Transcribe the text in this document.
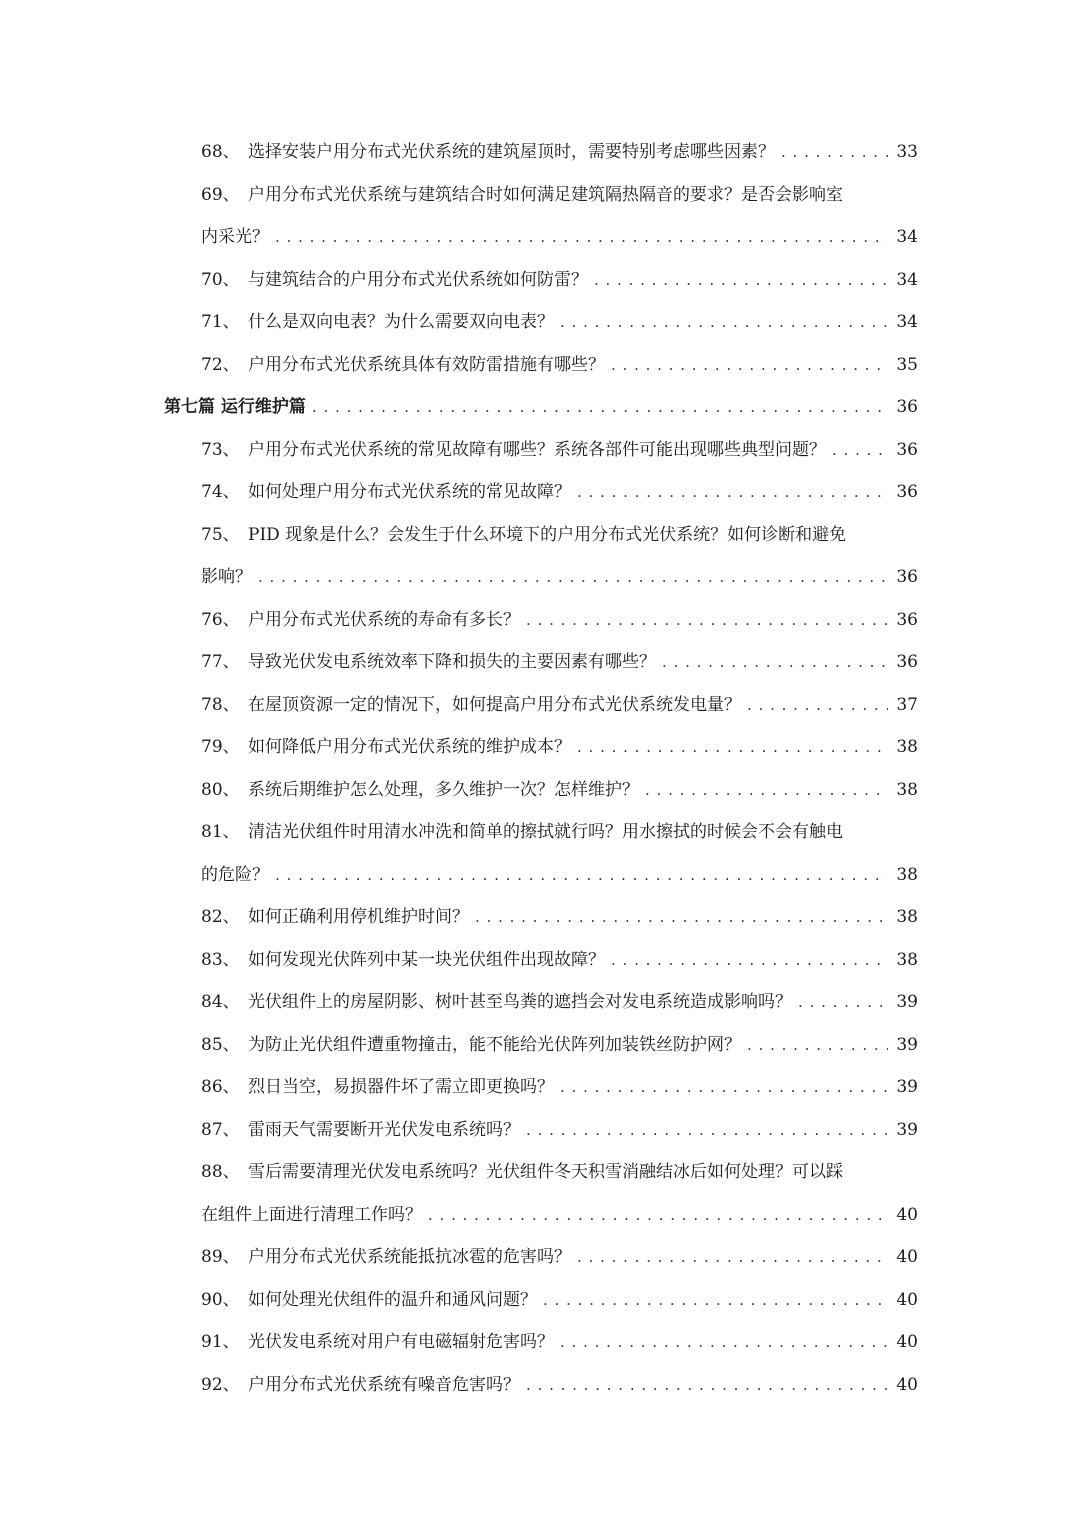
68、 选择安装户用分布式光伏系统的建筑屋顶时，需要特别考虑哪些因素？ . . .	33
69、 户用分布式光伏系统与建筑结合时如何满足建筑隔热隔音的要求？是否会影响室
内采光？ . . .	34
70、 与建筑结合的户用分布式光伏系统如何防雷？ . . .	34
71、 什么是双向电表？为什么需要双向电表？ . . .	34
72、 户用分布式光伏系统具体有效防雷措施有哪些？ . . .	35
第七篇 运行维护篇 . . .	36
73、 户用分布式光伏系统的常见故障有哪些？系统各部件可能出现哪些典型问题？ . . .	36
74、 如何处理户用分布式光伏系统的常见故障？ . . .	36
75、 PID 现象是什么？会发生于什么环境下的户用分布式光伏系统？如何诊断和避免
影响？ . . .	36
76、 户用分布式光伏系统的寿命有多长？ . . .	36
77、 导致光伏发电系统效率下降和损失的主要因素有哪些？ . . .	36
78、 在屋顶资源一定的情况下，如何提高户用分布式光伏系统发电量？ . . .	37
79、 如何降低户用分布式光伏系统的维护成本？ . . .	38
80、 系统后期维护怎么处理，多久维护一次？怎样维护？ . . .	38
81、 清洁光伏组件时用清水冲洗和简单的擦拭就行吗？用水擦拭的时候会不会有触电
的危险？ . . .	38
82、 如何正确利用停机维护时间？ . . .	38
83、 如何发现光伏阵列中某一块光伏组件出现故障？ . . .	38
84、 光伏组件上的房屋阴影、树叶甚至鸟粪的遮挡会对发电系统造成影响吗？ . . .	39
85、 为防止光伏组件遭重物撞击，能不能给光伏阵列加装铁丝防护网？ . . .	39
86、 烈日当空，易损器件坏了需立即更换吗？ . . .	39
87、 雷雨天气需要断开光伏发电系统吗？ . . .	39
88、 雪后需要清理光伏发电系统吗？光伏组件冬天积雪消融结冰后如何处理？可以踩
在组件上面进行清理工作吗？ . . .	40
89、 户用分布式光伏系统能抵抗冰雹的危害吗？ . . .	40
90、 如何处理光伏组件的温升和通风问题？ . . .	40
91、 光伏发电系统对用户有电磁辐射危害吗？ . . .	40
92、 户用分布式光伏系统有噪音危害吗？ . . .	40
